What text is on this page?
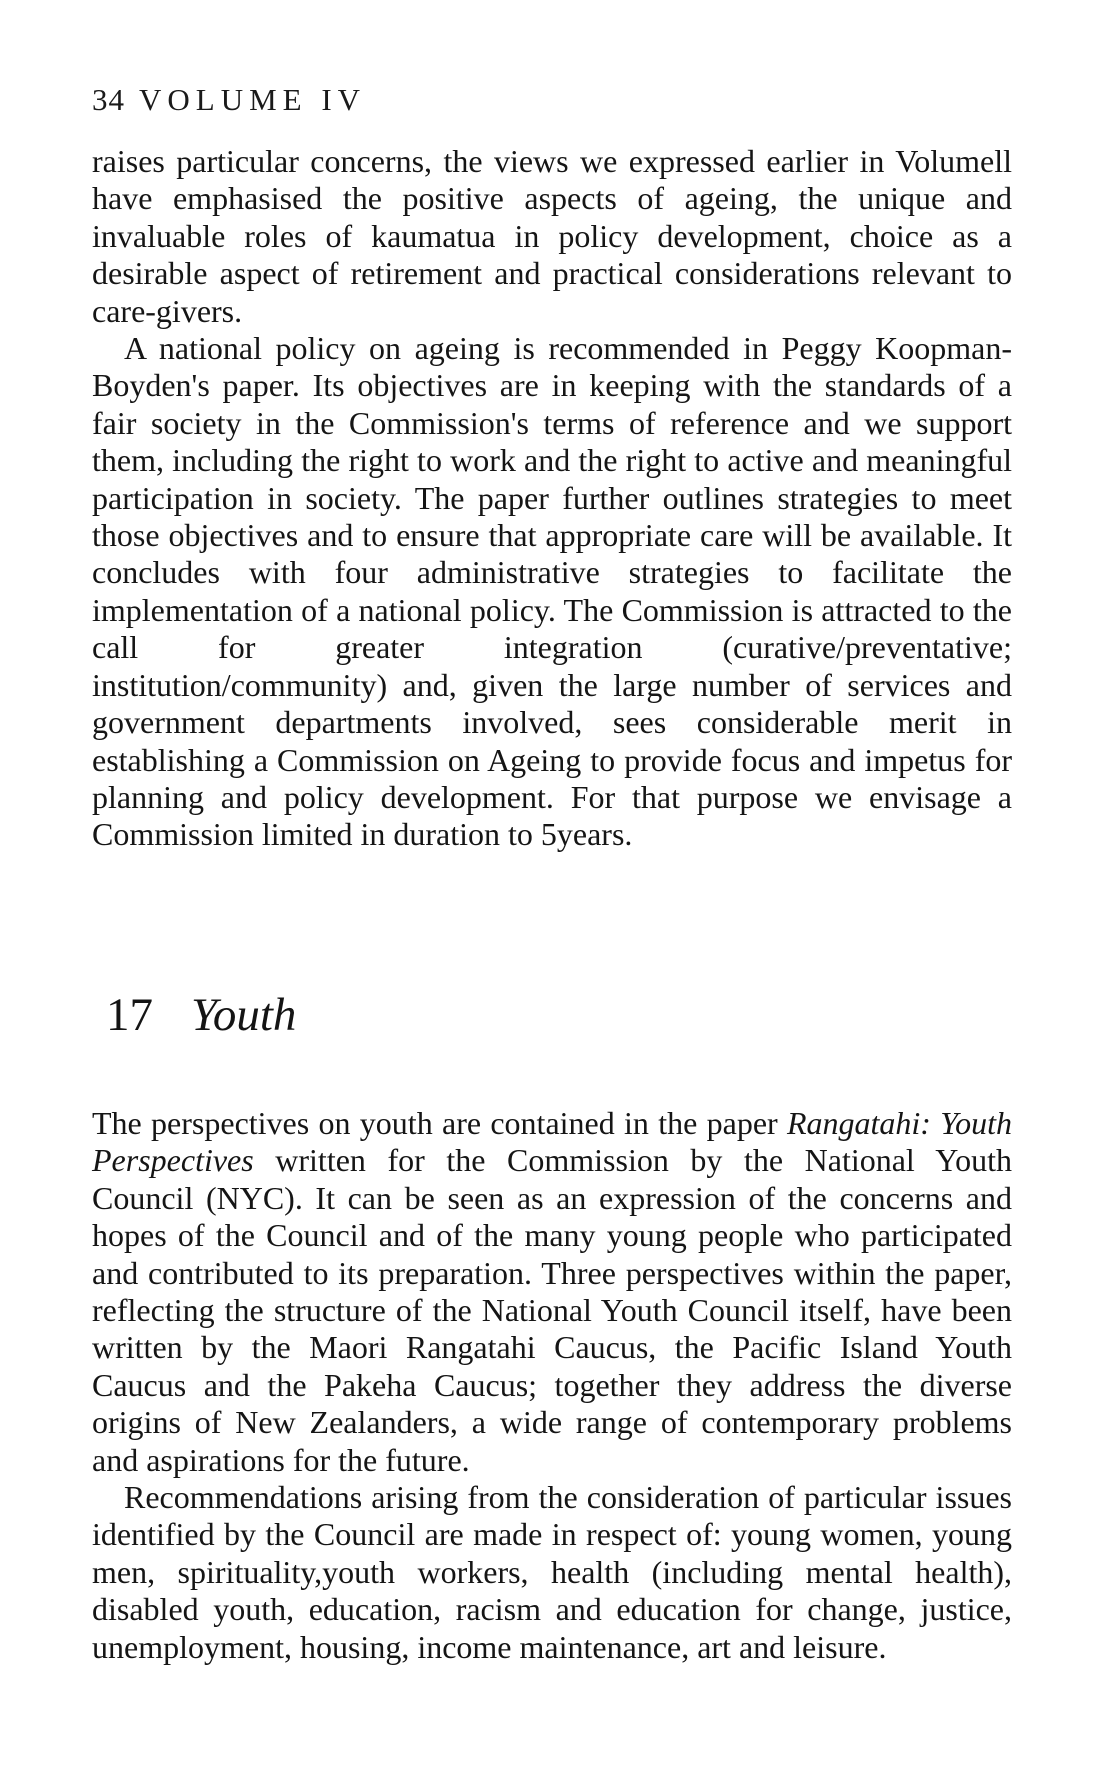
34 VOLUME IV

raises particular concerns, the views we expressed earlier in Volumell have emphasised the positive aspects of ageing, the unique and invaluable roles of kaumatua in policy development, choice as a desirable aspect of retirement and practical considerations relevant to care-givers.

A national policy on ageing is recommended in Peggy Koopman-Boyden's paper. Its objectives are in keeping with the standards of a fair society in the Commission's terms of reference and we support them, including the right to work and the right to active and meaningful participation in society. The paper further outlines strategies to meet those objectives and to ensure that appropriate care will be available. It concludes with four administrative strategies to facilitate the implementation of a national policy. The Commission is attracted to the call for greater integration (curative/preventative; institution/community) and, given the large number of services and government departments involved, sees considerable merit in establishing a Commission on Ageing to provide focus and impetus for planning and policy development. For that purpose we envisage a Commission limited in duration to 5years.

17 Youth

The perspectives on youth are contained in the paper Rangatahi: Youth Perspectives written for the Commission by the National Youth Council (NYC). It can be seen as an expression of the concerns and hopes of the Council and of the many young people who participated and contributed to its preparation. Three perspectives within the paper, reflecting the structure of the National Youth Council itself, have been written by the Maori Rangatahi Caucus, the Pacific Island Youth Caucus and the Pakeha Caucus; together they address the diverse origins of New Zealanders, a wide range of contemporary problems and aspirations for the future.

Recommendations arising from the consideration of particular issues identified by the Council are made in respect of: young women, young men, spirituality,youth workers, health (including mental health), disabled youth, education, racism and education for change, justice, unemployment, housing, income maintenance, art and leisure.
